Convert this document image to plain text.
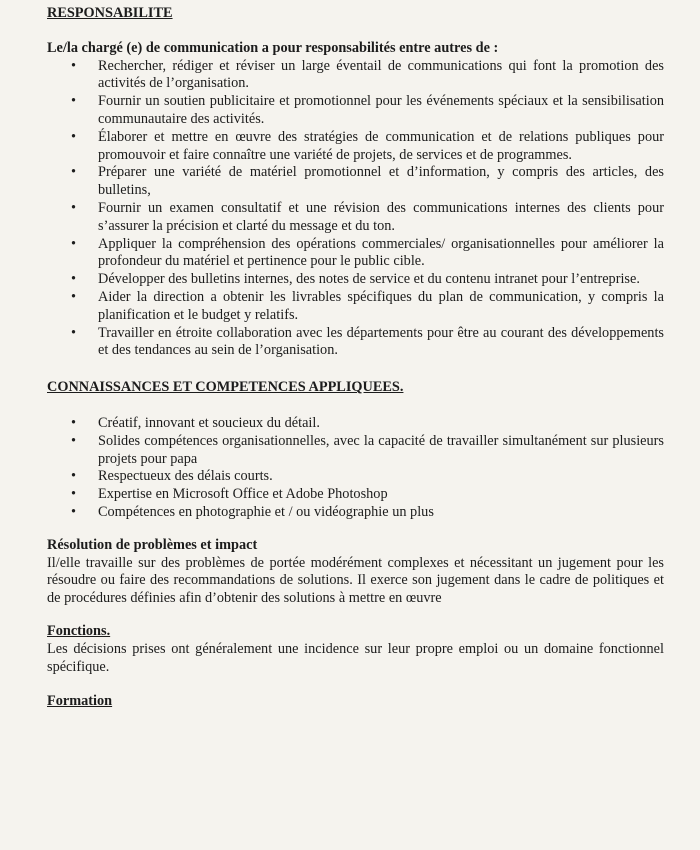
RESPONSABILITE

Le/la chargé (e) de communication a pour responsabilités entre autres de :

• Rechercher, rédiger et réviser un large éventail de communications qui font la promotion des activités de l’organisation.
• Fournir un soutien publicitaire et promotionnel pour les événements spéciaux et la sensibilisation communautaire des activités.
• Élaborer et mettre en œuvre des stratégies de communication et de relations publiques pour promouvoir et faire connaître une variété de projets, de services et de programmes.
• Préparer une variété de matériel promotionnel et d’information, y compris des articles, des bulletins,
• Fournir un examen consultatif et une révision des communications internes des clients pour s’assurer la précision et clarté du message et du ton.
• Appliquer la compréhension des opérations commerciales/ organisationnelles pour améliorer la profondeur du matériel et pertinence pour le public cible.
• Développer des bulletins internes, des notes de service et du contenu intranet pour l’entreprise.
• Aider la direction a obtenir les livrables spécifiques du plan de communication, y compris la planification et le budget y relatifs.
• Travailler en étroite collaboration avec les départements pour être au courant des développements et des tendances au sein de l’organisation.
CONNAISSANCES ET COMPETENCES APPLIQUEES.
• Créatif, innovant et soucieux du détail.
• Solides compétences organisationnelles, avec la capacité de travailler simultanément sur plusieurs projets pour papa
• Respectueux des délais courts.
• Expertise en Microsoft Office et Adobe Photoshop
• Compétences en photographie et / ou vidéographie un plus

Résolution de problèmes et impact

Il/elle travaille sur des problèmes de portée modérément complexes et nécessitant un jugement pour les résoudre ou faire des recommandations de solutions. Il exerce son jugement dans le cadre de politiques et de procédures définies afin d’obtenir des solutions à mettre en œuvre

Fonctions.

Les décisions prises ont généralement une incidence sur leur propre emploi ou un domaine fonctionnel spécifique.

Formation
